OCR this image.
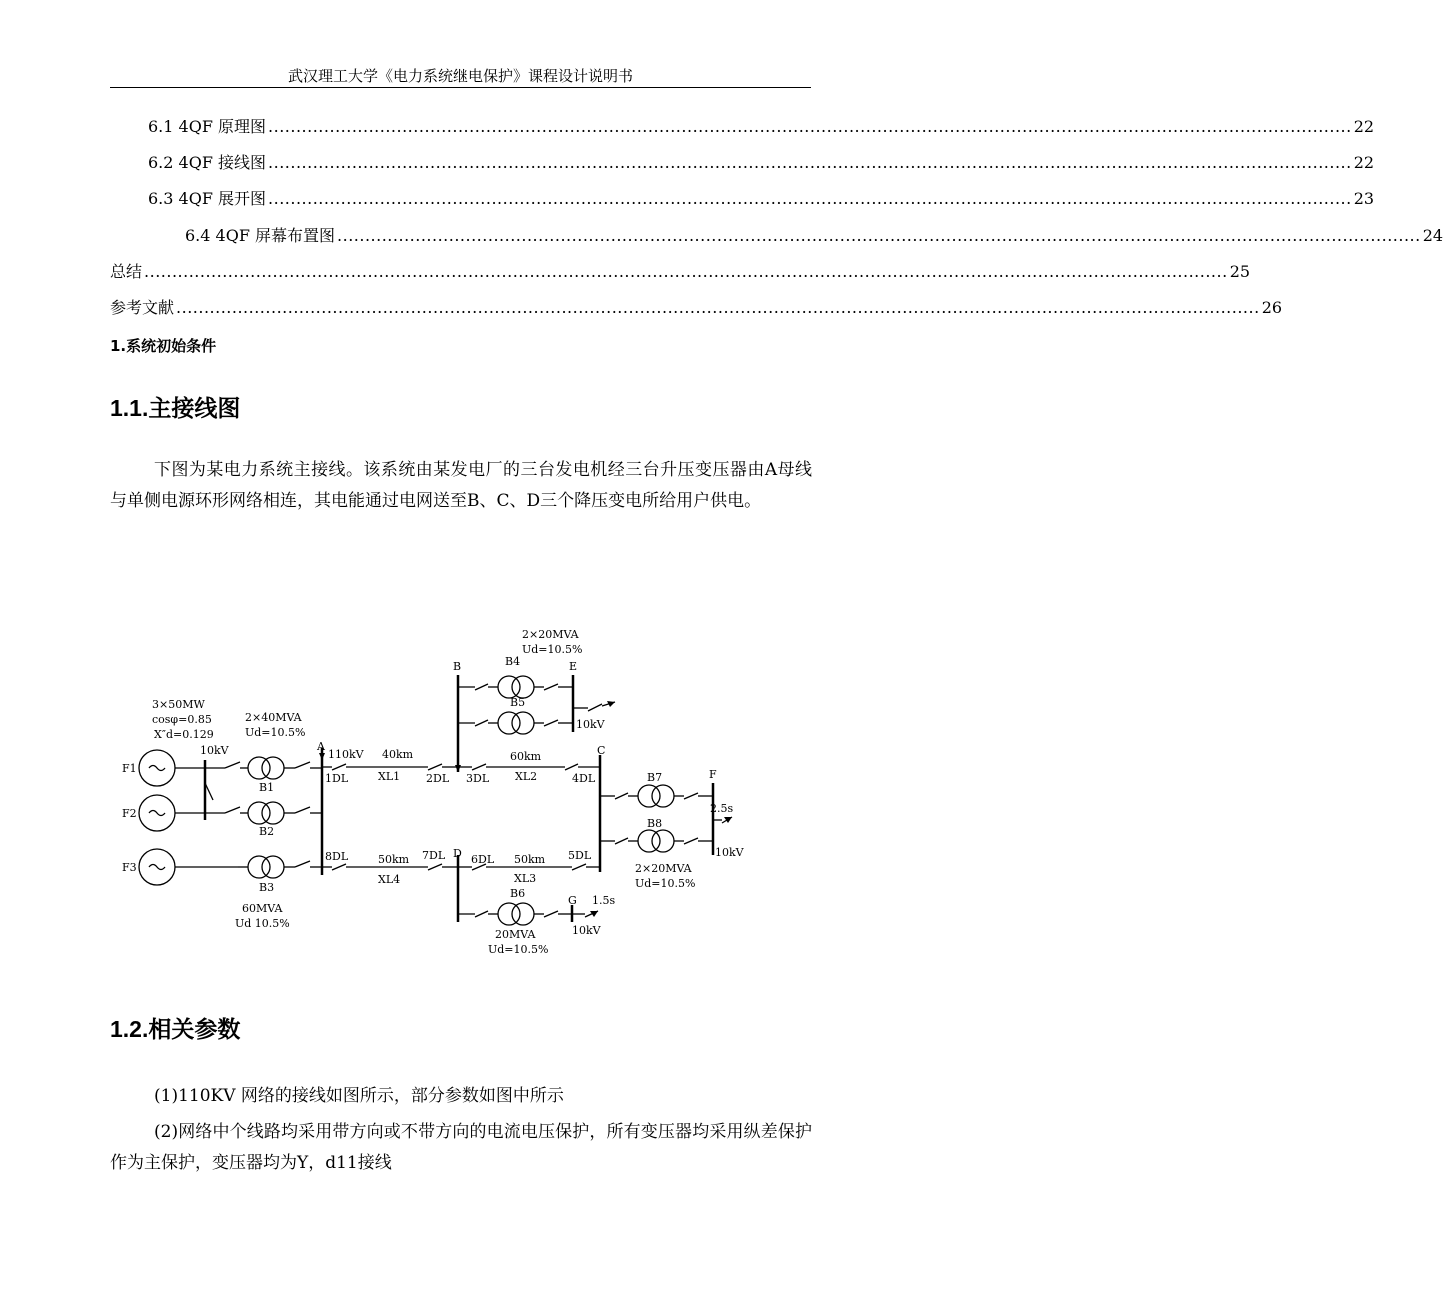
武汉理工大学《电力系统继电保护》课程设计说明书
6.1 4QF 原理图 .................................................................................................................................................................................................. 22
6.2 4QF 接线图 .................................................................................................................................................................................................. 22
6.3 4QF 展开图 .................................................................................................................................................................................................. 23
6.4 4QF 屏幕布置图 .................................................................................................................................................................................................. 24
总结 .................................................................................................................................................................................................. 25
参考文献 .................................................................................................................................................................................................. 26
1.系统初始条件
1.1.主接线图
下图为某电力系统主接线。该系统由某发电厂的三台发电机经三台升压变压器由A母线与单侧电源环形网络相连，其电能通过电网送至B、C、D三个降压变电所给用户供电。
3×50MW
cosφ=0.85
X″d=0.129
10kV
F1
F2
F3
2×40MVA
Ud=10.5%
B1
B2
B3
60MVA
Ud 10.5%
A
110kV
1DL
40km
XL1 2DL 3DL
60km
XL2	4DL
B
2×20MVA
Ud=10.5%
B4
B5
E
10kV
C
B7
B8
F
2.5s
10kV
2×20MVA
Ud=10.5%
8DL	50km
XL4
7DL D 6DL 50km
XL3
5DL
B6
G 1.5s
10kV
20MVA
Ud=10.5%
1.2.相关参数
(1)110KV 网络的接线如图所示，部分参数如图中所示
(2)网络中个线路均采用带方向或不带方向的电流电压保护，所有变压器均采用纵差保护作为主保护，变压器均为Y，d11接线
